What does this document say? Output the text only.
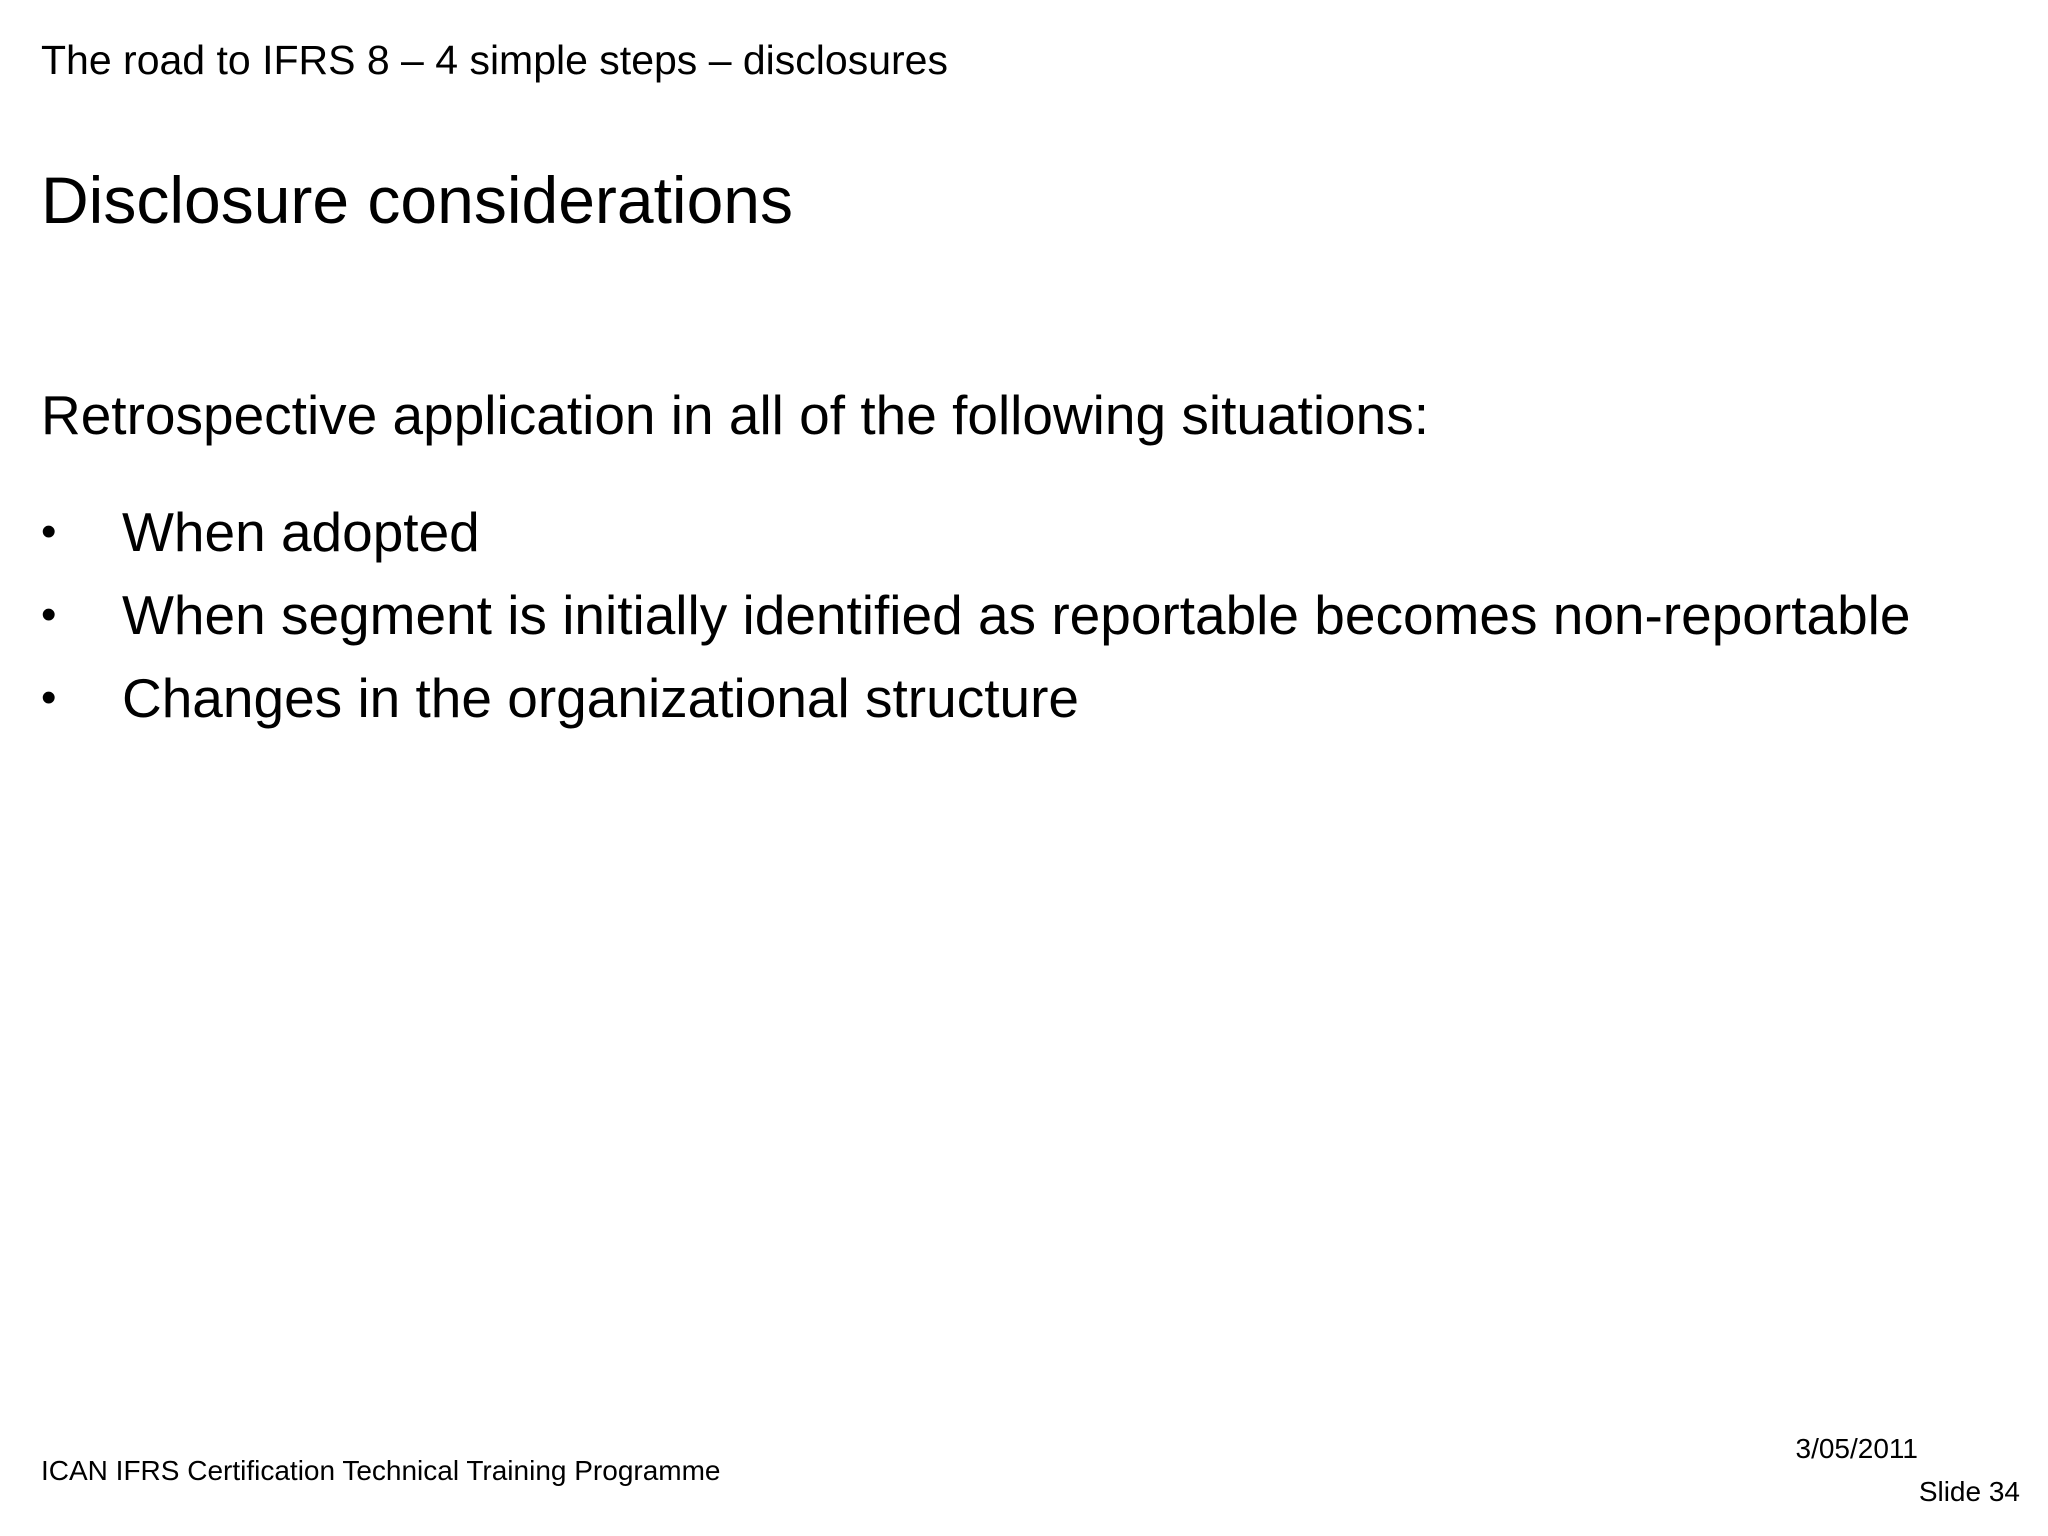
The road to IFRS 8 – 4 simple steps – disclosures
Disclosure considerations
Retrospective application in all of the following situations:
• When adopted
• When segment is initially identified as reportable becomes non-reportable
• Changes in the organizational structure
ICAN IFRS Certification Technical Training Programme
3/05/2011
Slide 34
